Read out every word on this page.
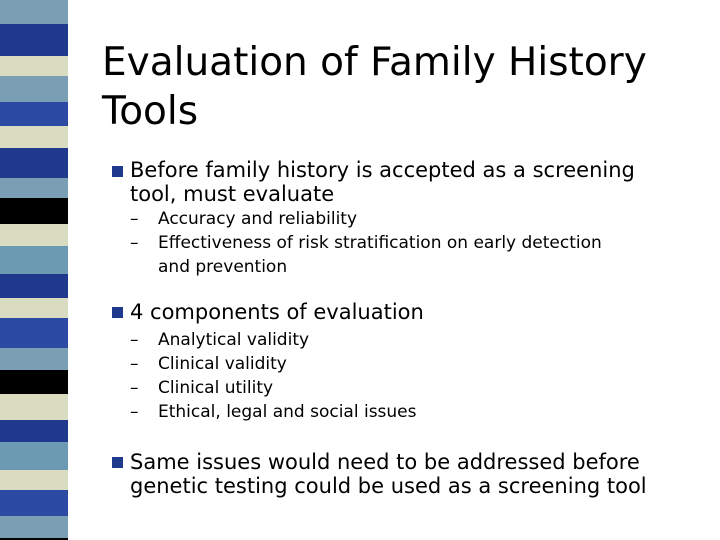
Evaluation of Family History
Tools
Before family history is accepted as a screening
tool, must evaluate
– Accuracy and reliability
– Effectiveness of risk stratification on early detection
and prevention
4 components of evaluation
– Analytical validity
– Clinical validity
– Clinical utility
– Ethical, legal and social issues
Same issues would need to be addressed before
genetic testing could be used as a screening tool
